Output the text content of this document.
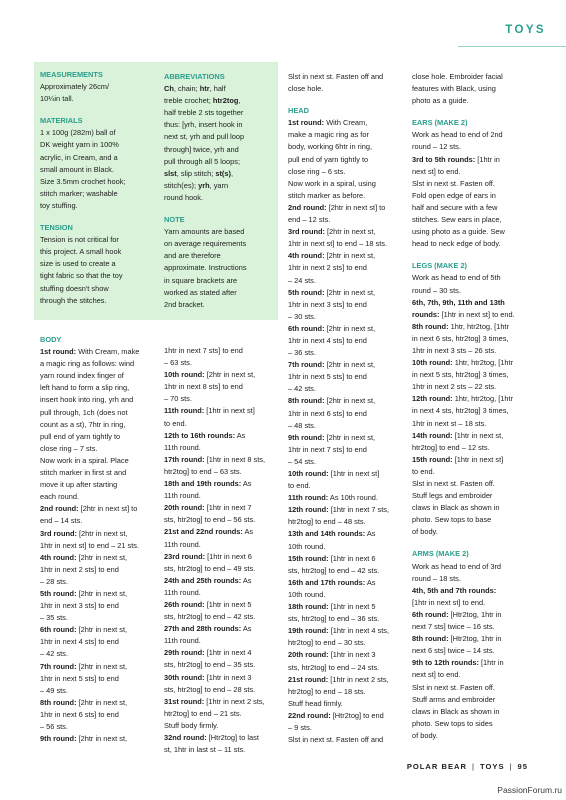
TOYS

MEASUREMENTS

Approximately 26cm/
10¼in tall.

MATERIALS

1 x 100g (282m) ball of
DK weight yarn in 100%
acrylic, in Cream, and a
small amount in Black.
Size 3.5mm crochet hook;
stitch marker; washable
toy stuffing.

TENSION

Tension is not critical for
this project. A small hook
size is used to create a
tight fabric so that the toy
stuffing doesn't show
through the stitches.

ABBREVIATIONS

Ch, chain; htr, half
treble crochet; htr2tog,
half treble 2 sts together
thus: [yrh, insert hook in
next st, yrh and pull loop
through] twice, yrh and
pull through all 5 loops;
slst, slip stitch; st(s),
stitch(es); yrh, yarn
round hook.

NOTE

Yarn amounts are based
on average requirements
and are therefore
approximate. Instructions
in square brackets are
worked as stated after
2nd bracket.

BODY

1st round: With Cream, make
a magic ring as follows: wind
yarn round index finger of
left hand to form a slip ring,
insert hook into ring, yrh and
pull through, 1ch (does not
count as a st), 7htr in ring,
pull end of yarn tightly to
close ring – 7 sts.
Now work in a spiral. Place
stitch marker in first st and
move it up after starting
each round.
2nd round: [2htr in next st] to
end – 14 sts.
3rd round: [2htr in next st,
1htr in next st] to end – 21 sts.
4th round: [2htr in next st,
1htr in next 2 sts] to end
– 28 sts.
5th round: [2htr in next st,
1htr in next 3 sts] to end
– 35 sts.
6th round: [2htr in next st,
1htr in next 4 sts] to end
– 42 sts.
7th round: [2htr in next st,
1htr in next 5 sts] to end
– 49 sts.
8th round: [2htr in next st,
1htr in next 6 sts] to end
– 56 sts.
9th round: [2htr in next st,
1htr in next 7 sts] to end
– 63 sts.
10th round: [2htr in next st,
1htr in next 8 sts] to end
– 70 sts.
11th round: [1htr in next st]
to end.
12th to 16th rounds: As
11th round.
17th round: [1htr in next 8 sts,
htr2tog] to end – 63 sts.
18th and 19th rounds: As
11th round.
20th round: [1htr in next 7
sts, htr2tog] to end – 56 sts.
21st and 22nd rounds: As
11th round.
23rd round: [1htr in next 6
sts, htr2tog] to end – 49 sts.
24th and 25th rounds: As
11th round.
26th round: [1htr in next 5
sts, htr2tog] to end – 42 sts.
27th and 28th rounds: As
11th round.
29th round: [1htr in next 4
sts, htr2tog] to end – 35 sts.
30th round: [1htr in next 3
sts, htr2tog] to end – 28 sts.
31st round: [1htr in next 2 sts,
htr2tog] to end – 21 sts.
Stuff body firmly.
32nd round: [Htr2tog] to last
st, 1htr in last st – 11 sts.
Slst in next st. Fasten off and
close hole.

HEAD

1st round: With Cream,
make a magic ring as for
body, working 6htr in ring,
pull end of yarn tightly to
close ring – 6 sts.
Now work in a spiral, using
stitch marker as before.
2nd round: [2htr in next st] to
end – 12 sts.
3rd round: [2htr in next st,
1htr in next st] to end – 18 sts.
4th round: [2htr in next st,
1htr in next 2 sts] to end
– 24 sts.
5th round: [2htr in next st,
1htr in next 3 sts] to end
– 30 sts.
6th round: [2htr in next st,
1htr in next 4 sts] to end
– 36 sts.
7th round: [2htr in next st,
1htr in next 5 sts] to end
– 42 sts.
8th round: [2htr in next st,
1htr in next 6 sts] to end
– 48 sts.
9th round: [2htr in next st,
1htr in next 7 sts] to end
– 54 sts.
10th round: [1htr in next st]
to end.
11th round: As 10th round.
12th round: [1htr in next 7 sts,
htr2tog] to end – 48 sts.
13th and 14th rounds: As
10th round.
15th round: [1htr in next 6
sts, htr2tog] to end – 42 sts.
16th and 17th rounds: As
10th round.
18th round: [1htr in next 5
sts, htr2tog] to end – 36 sts.
19th round: [1htr in next 4 sts,
htr2tog] to end – 30 sts.
20th round: [1htr in next 3
sts, htr2tog] to end – 24 sts.
21st round: [1htr in next 2 sts,
htr2tog] to end – 18 sts.
Stuff head firmly.
22nd round: [Htr2tog] to end
– 9 sts.
Slst in next st. Fasten off and
close hole. Embroider facial
features with Black, using
photo as a guide.

EARS (MAKE 2)

Work as head to end of 2nd
round – 12 sts.
3rd to 5th rounds: [1htr in
next st] to end.
Slst in next st. Fasten off.
Fold open edge of ears in
half and secure with a few
stitches. Sew ears in place,
using photo as a guide. Sew
head to neck edge of body.

LEGS (MAKE 2)

Work as head to end of 5th
round – 30 sts.
6th, 7th, 9th, 11th and 13th
rounds: [1htr in next st] to end.
8th round: 1htr, htr2tog, [1htr
in next 6 sts, htr2tog] 3 times,
1htr in next 3 sts – 26 sts.
10th round: 1htr, htr2tog, [1htr
in next 5 sts, htr2tog] 3 times,
1htr in next 2 sts – 22 sts.
12th round: 1htr, htr2tog, [1htr
in next 4 sts, htr2tog] 3 times,
1htr in next st – 18 sts.
14th round: [1htr in next st,
htr2tog] to end – 12 sts.
15th round: [1htr in next st]
to end.
Slst in next st. Fasten off.
Stuff legs and embroider
claws in Black as shown in
photo. Sew tops to base
of body.

ARMS (MAKE 2)

Work as head to end of 3rd
round – 18 sts.
4th, 5th and 7th rounds:
[1htr in next st] to end.
6th round: [Htr2tog, 1htr in
next 7 sts] twice – 16 sts.
8th round: [Htr2tog, 1htr in
next 6 sts] twice – 14 sts.
9th to 12th rounds: [1htr in
next st] to end.
Slst in next st. Fasten off.
Stuff arms and embroider
claws in Black as shown in
photo. Sew tops to sides
of body.
POLAR BEAR | TOYS | 95
PassionForum.ru
